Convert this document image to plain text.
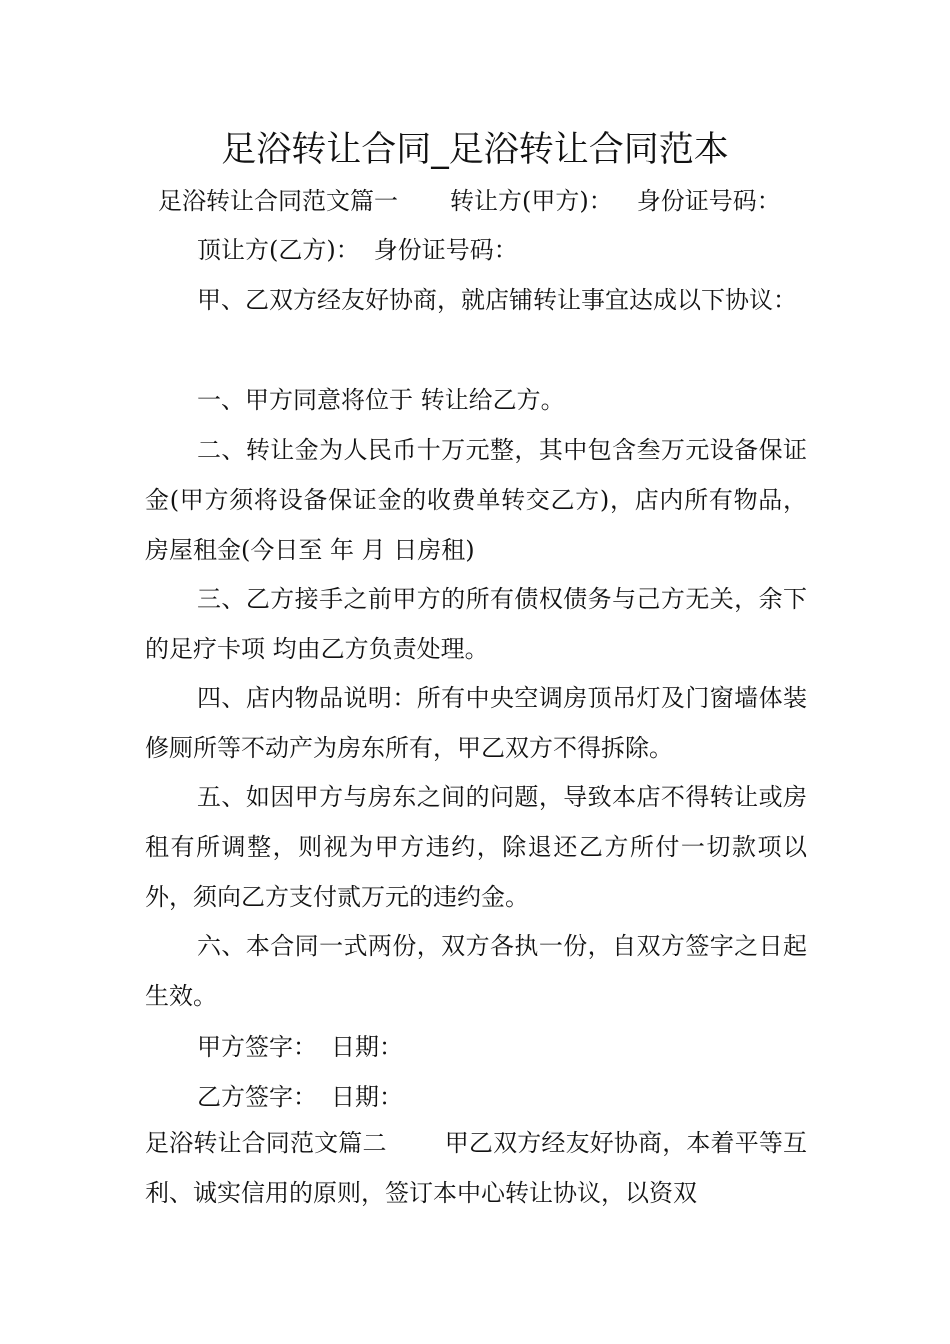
足浴转让合同_足浴转让合同范本
足浴转让合同范文篇一 转让方(甲方)： 身份证号码：
顶让方(乙方)： 身份证号码：
甲、乙双方经友好协商，就店铺转让事宜达成以下协议：
一、甲方同意将位于 转让给乙方。
二、转让金为人民币十万元整，其中包含叁万元设备保证金(甲方须将设备保证金的收费单转交乙方)，店内所有物品，房屋租金(今日至 年 月 日房租)
三、乙方接手之前甲方的所有债权债务与己方无关，余下的足疗卡项 均由乙方负责处理。
四、店内物品说明：所有中央空调房顶吊灯及门窗墙体装修厕所等不动产为房东所有，甲乙双方不得拆除。
五、如因甲方与房东之间的问题，导致本店不得转让或房租有所调整，则视为甲方违约，除退还乙方所付一切款项以外，须向乙方支付贰万元的违约金。
六、本合同一式两份，双方各执一份，自双方签字之日起生效。
甲方签字： 日期：
乙方签字： 日期：
足浴转让合同范文篇二 甲乙双方经友好协商，本着平等互利、诚实信用的原则，签订本中心转让协议，以资双
